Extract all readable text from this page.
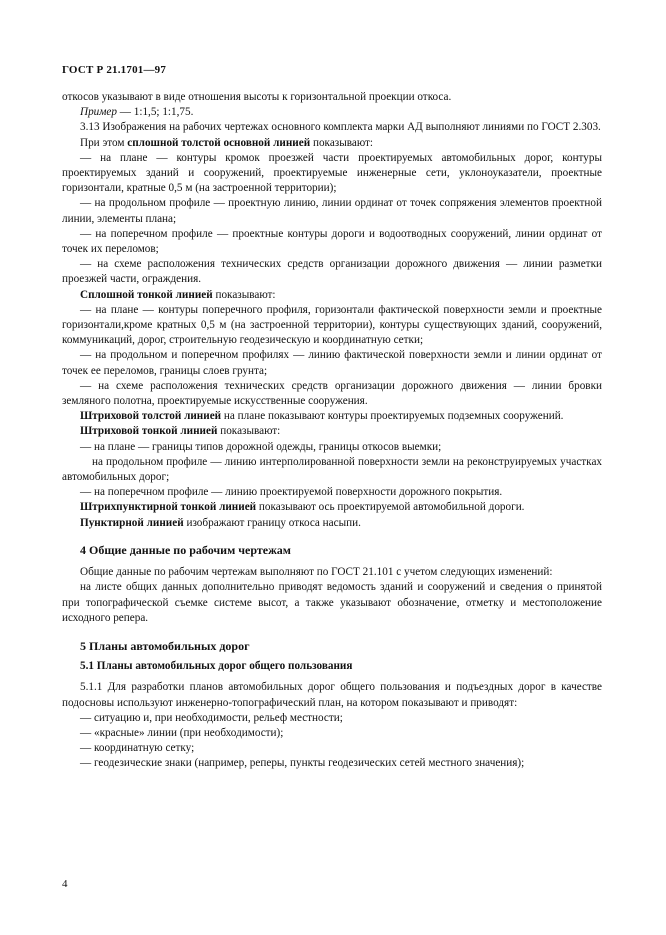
ГОСТ Р 21.1701—97

откосов указывают в виде отношения высоты к горизонтальной проекции откоса.

Пример — 1:1,5; 1:1,75.

3.13 Изображения на рабочих чертежах основного комплекта марки АД выполняют линиями по ГОСТ 2.303.

При этом сплошной толстой основной линией показывают:

— на плане — контуры кромок проезжей части проектируемых автомобильных дорог, контуры проектируемых зданий и сооружений, проектируемые инженерные сети, уклоноуказатели, проектные горизонтали, кратные 0,5 м (на застроенной территории);

— на продольном профиле — проектную линию, линии ординат от точек сопряжения элементов проектной линии, элементы плана;

— на поперечном профиле — проектные контуры дороги и водоотводных сооружений, линии ординат от точек их переломов;

— на схеме расположения технических средств организации дорожного движения — линии разметки проезжей части, ограждения.

Сплошной тонкой линией показывают:

— на плане — контуры поперечного профиля, горизонтали фактической поверхности земли и проектные горизонтали,кроме кратных 0,5 м (на застроенной территории), контуры существующих зданий, сооружений, коммуникаций, дорог, строительную геодезическую и координатную сетки;

— на продольном и поперечном профилях — линию фактической поверхности земли и линии ординат от точек ее переломов, границы слоев грунта;

— на схеме расположения технических средств организации дорожного движения — линии бровки земляного полотна, проектируемые искусственные сооружения.

Штриховой толстой линией на плане показывают контуры проектируемых подземных сооружений.

Штриховой тонкой линией показывают:

— на плане — границы типов дорожной одежды, границы откосов выемки;

на продольном профиле — линию интерполированной поверхности земли на реконструируемых участках автомобильных дорог;

— на поперечном профиле — линию проектируемой поверхности дорожного покрытия.

Штрихпунктирной тонкой линией показывают ось проектируемой автомобильной дороги.

Пунктирной линией изображают границу откоса насыпи.

4 Общие данные по рабочим чертежам

Общие данные по рабочим чертежам выполняют по ГОСТ 21.101 с учетом следующих изменений:

на листе общих данных дополнительно приводят ведомость зданий и сооружений и сведения о принятой при топографической съемке системе высот, а также указывают обозначение, отметку и местоположение исходного репера.

5 Планы автомобильных дорог
5.1 Планы автомобильных дорог общего пользования

5.1.1 Для разработки планов автомобильных дорог общего пользования и подъездных дорог в качестве подосновы используют инженерно-топографический план, на котором показывают и приводят:

— ситуацию и, при необходимости, рельеф местности;

— «красные» линии (при необходимости);

— координатную сетку;

— геодезические знаки (например, реперы, пункты геодезических сетей местного значения);

4
